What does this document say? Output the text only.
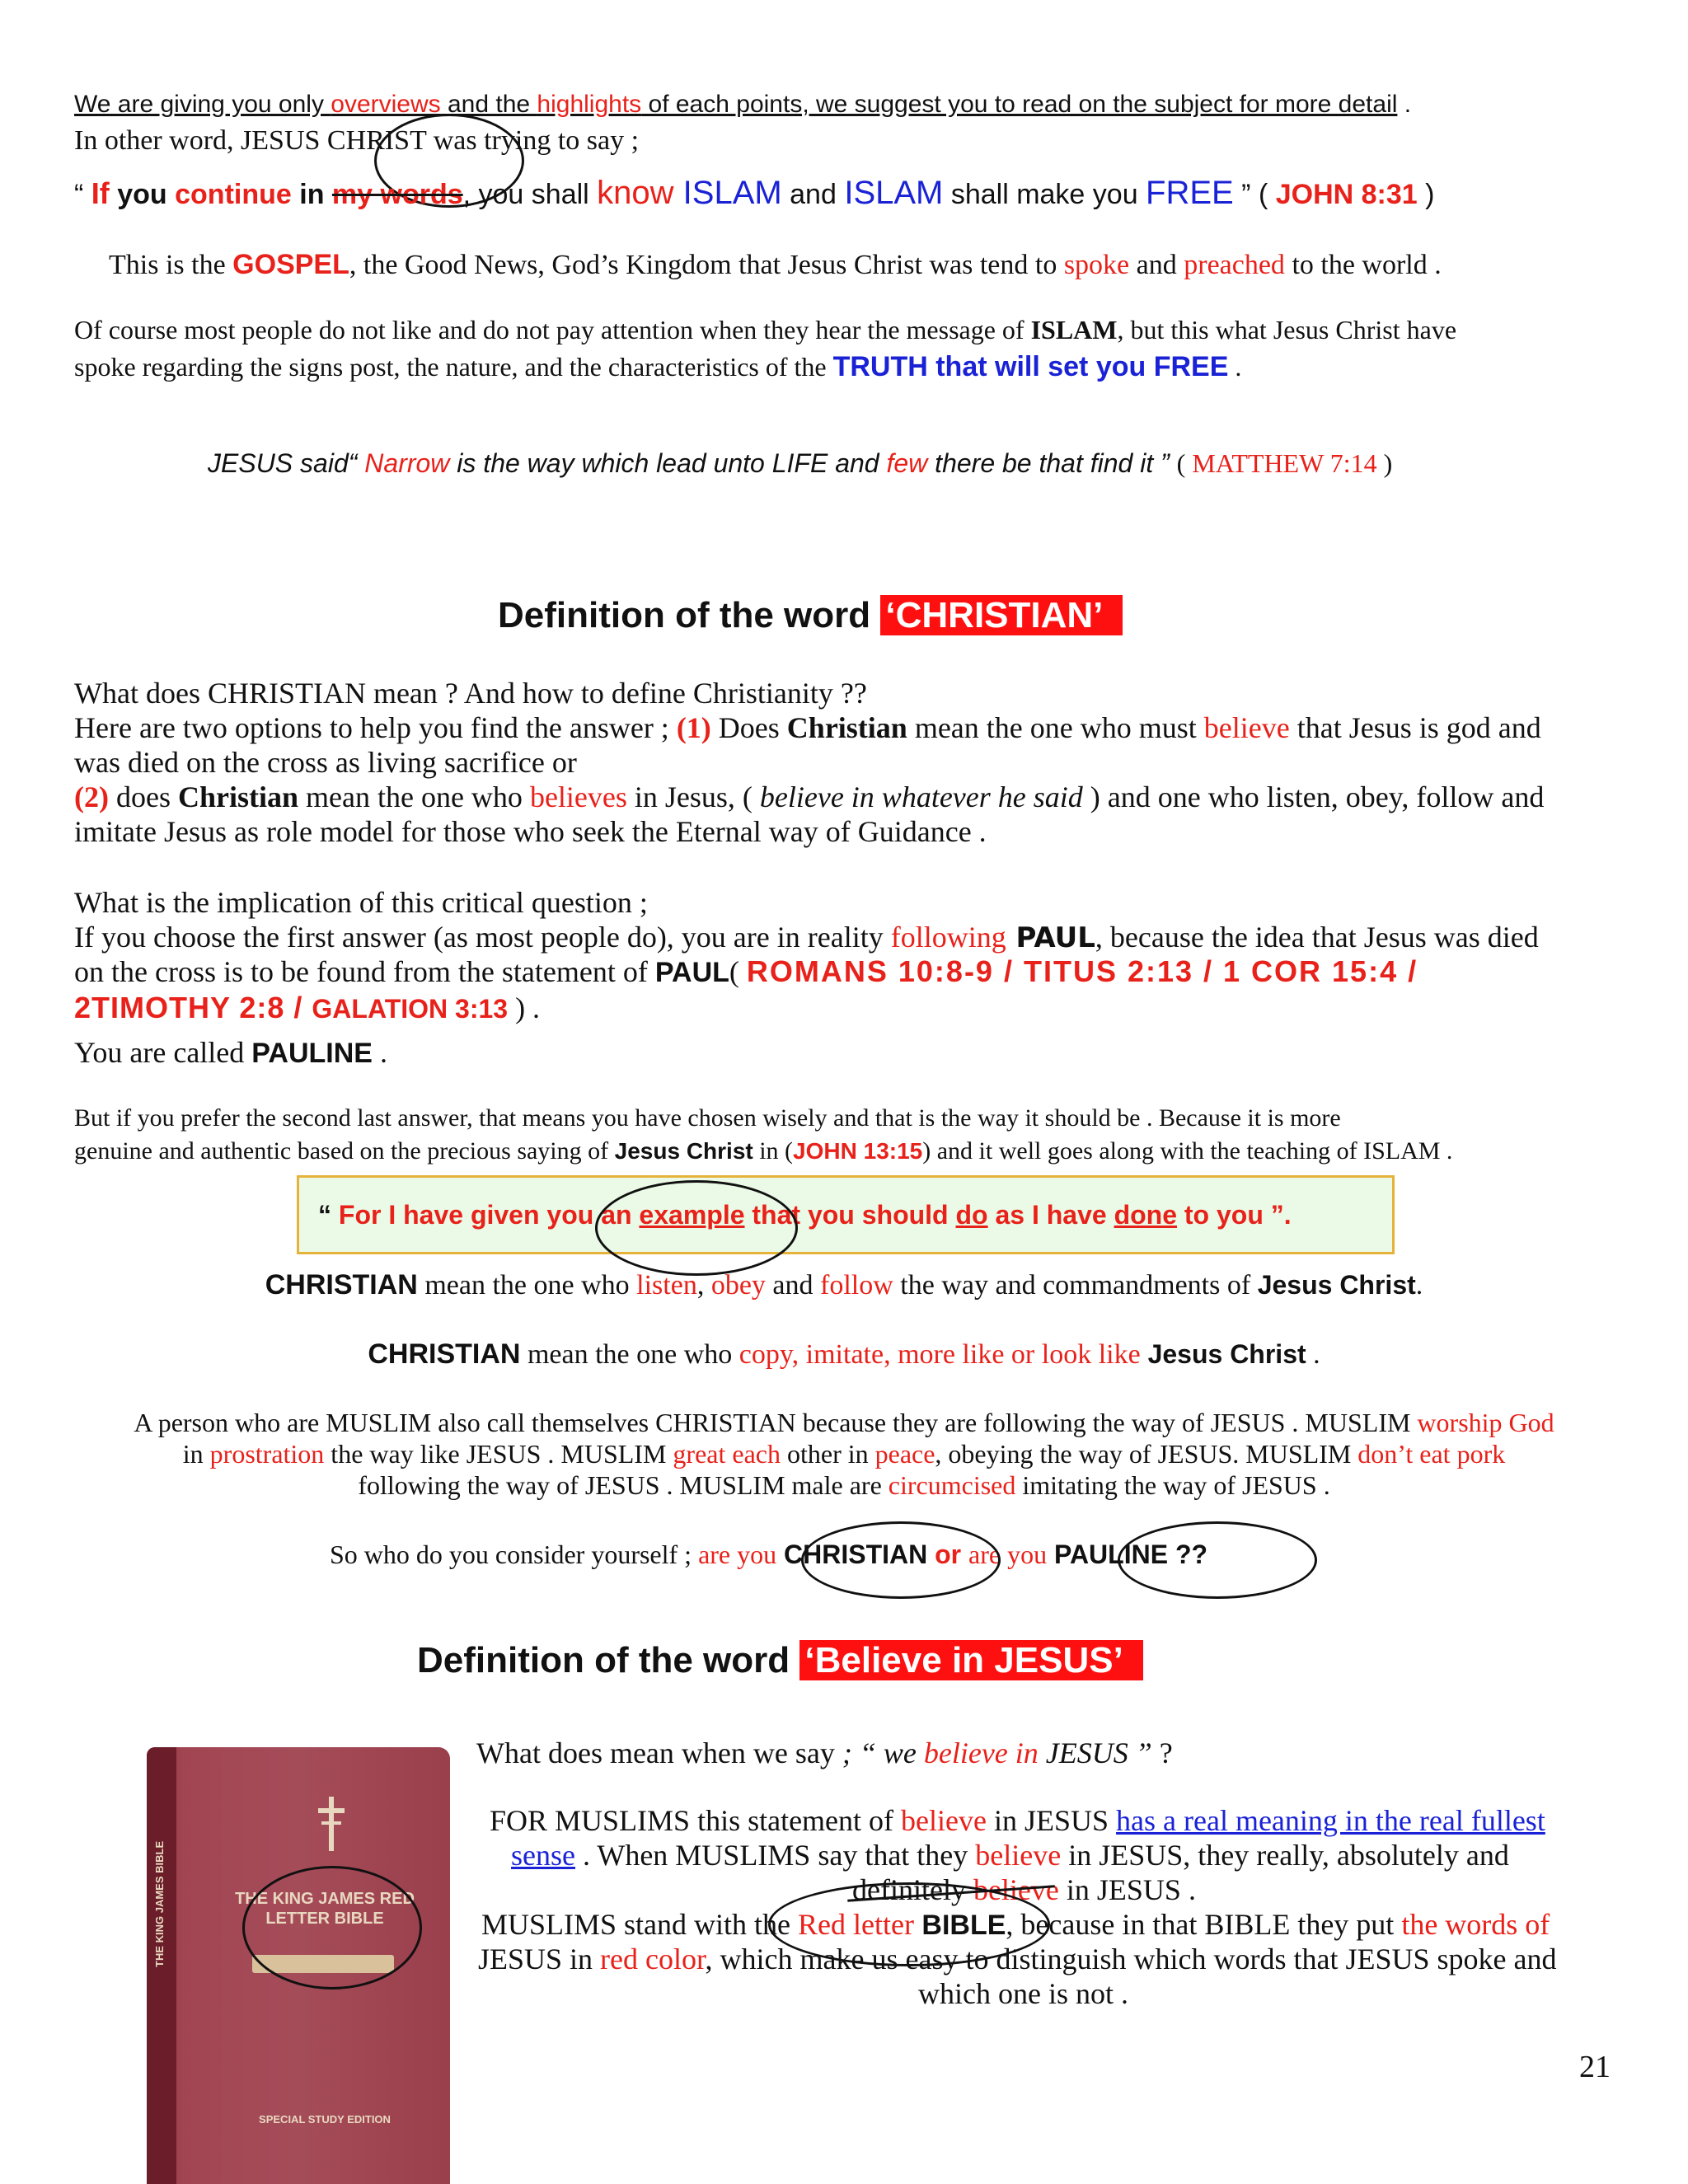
We are giving you only overviews and the highlights of each points, we suggest you to read on the subject for more detail .
In other word, JESUS CHRIST was trying to say ;
“ If you continue in my words, you shall know ISLAM and ISLAM shall make you FREE ” ( JOHN 8:31 )
This is the GOSPEL, the Good News, God’s Kingdom that Jesus Christ was tend to spoke and preached to the world .
Of course most people do not like and do not pay attention when they hear the message of ISLAM, but this what Jesus Christ have
spoke regarding the signs post, the nature, and the characteristics of the TRUTH that will set you FREE .
JESUS said“ Narrow is the way which lead unto LIFE and few there be that find it ” ( MATTHEW 7:14 )
Definition of the word ‘CHRISTIAN’
What does CHRISTIAN mean ? And how to define Christianity ??
Here are two options to help you find the answer ; (1) Does Christian mean the one who must believe that Jesus is god and
was died on the cross as living sacrifice or
(2) does Christian mean the one who believes in Jesus, ( believe in whatever he said ) and one who listen, obey, follow and
imitate Jesus as role model for those who seek the Eternal way of Guidance .
What is the implication of this critical question ;
If you choose the first answer (as most people do), you are in reality following PAUL, because the idea that Jesus was died
on the cross is to be found from the statement of PAUL( ROMANS 10:8-9 / TITUS 2:13 / 1 COR 15:4 /
2TIMOTHY 2:8 / GALATION 3:13 ) .
You are called PAULINE .
But if you prefer the second last answer, that means you have chosen wisely and that is the way it should be . Because it is more
genuine and authentic based on the precious saying of Jesus Christ in (JOHN 13:15) and it well goes along with the teaching of ISLAM .
“ For I have given you an example that you should do as I have done to you ”.
CHRISTIAN mean the one who listen, obey and follow the way and commandments of Jesus Christ.
CHRISTIAN mean the one who copy, imitate, more like or look like Jesus Christ .
A person who are MUSLIM also call themselves CHRISTIAN because they are following the way of JESUS . MUSLIM worship God
in prostration the way like JESUS . MUSLIM great each other in peace, obeying the way of JESUS. MUSLIM don’t eat pork
following the way of JESUS . MUSLIM male are circumcised imitating the way of JESUS .
So who do you consider yourself ; are you CHRISTIAN or are you PAULINE ??
Definition of the word ‘Believe in JESUS’
What does mean when we say ; “ we believe in JESUS ” ?
FOR MUSLIMS this statement of believe in JESUS has a real meaning in the real fullest
sense . When MUSLIMS say that they believe in JESUS, they really, absolutely and
definitely believe in JESUS .
MUSLIMS stand with the Red letter BIBLE, because in that BIBLE they put the words of
JESUS in red color, which make us easy to distinguish which words that JESUS spoke and
which one is not .
THE KING JAMES BIBLE	THE KING JAMES RED LETTER BIBLE
SPECIAL STUDY EDITION
21
